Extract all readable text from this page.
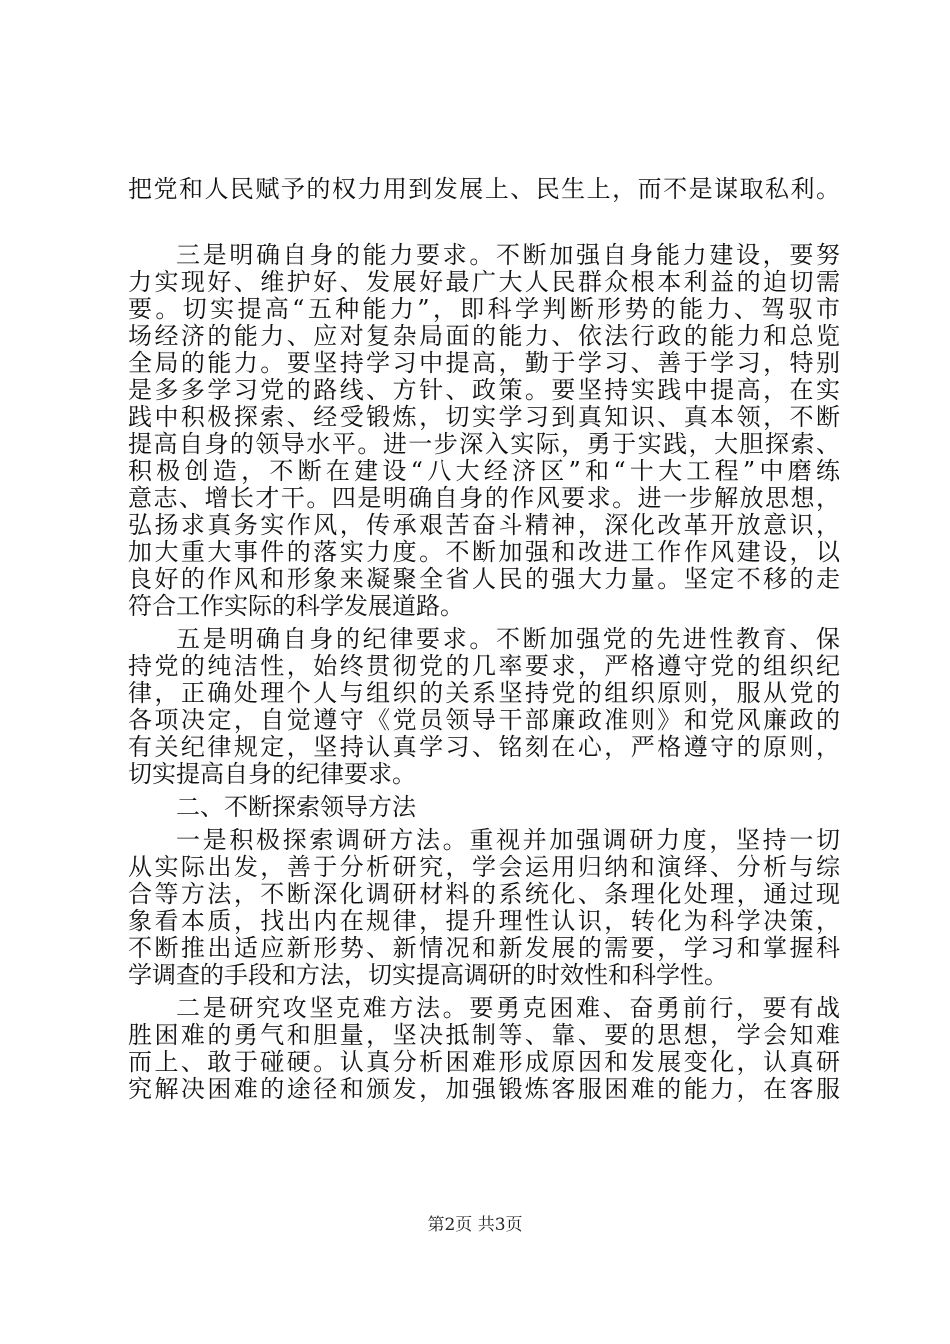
把党和人民赋予的权力用到发展上、民生上，而不是谋取私利。
三是明确自身的能力要求。不断加强自身能力建设，要努
力实现好、维护好、发展好最广大人民群众根本利益的迫切需
要。切实提高“五种能力”，即科学判断形势的能力、驾驭市
场经济的能力、应对复杂局面的能力、依法行政的能力和总览
全局的能力。要坚持学习中提高，勤于学习、善于学习，特别
是多多学习党的路线、方针、政策。要坚持实践中提高，在实
践中积极探索、经受锻炼，切实学习到真知识、真本领，不断
提高自身的领导水平。进一步深入实际，勇于实践，大胆探索、
积极创造，不断在建设“八大经济区”和“十大工程”中磨练
意志、增长才干。四是明确自身的作风要求。进一步解放思想，
弘扬求真务实作风，传承艰苦奋斗精神，深化改革开放意识，
加大重大事件的落实力度。不断加强和改进工作作风建设，以
良好的作风和形象来凝聚全省人民的强大力量。坚定不移的走
符合工作实际的科学发展道路。
五是明确自身的纪律要求。不断加强党的先进性教育、保
持党的纯洁性，始终贯彻党的几率要求，严格遵守党的组织纪
律，正确处理个人与组织的关系坚持党的组织原则，服从党的
各项决定，自觉遵守《党员领导干部廉政准则》和党风廉政的
有关纪律规定，坚持认真学习、铭刻在心，严格遵守的原则，
切实提高自身的纪律要求。
二、不断探索领导方法
一是积极探索调研方法。重视并加强调研力度，坚持一切
从实际出发，善于分析研究，学会运用归纳和演绎、分析与综
合等方法，不断深化调研材料的系统化、条理化处理，通过现
象看本质，找出内在规律，提升理性认识，转化为科学决策，
不断推出适应新形势、新情况和新发展的需要，学习和掌握科
学调查的手段和方法，切实提高调研的时效性和科学性。
二是研究攻坚克难方法。要勇克困难、奋勇前行，要有战
胜困难的勇气和胆量，坚决抵制等、靠、要的思想，学会知难
而上、敢于碰硬。认真分析困难形成原因和发展变化，认真研
究解决困难的途径和颁发，加强锻炼客服困难的能力，在客服
第2页 共3页
